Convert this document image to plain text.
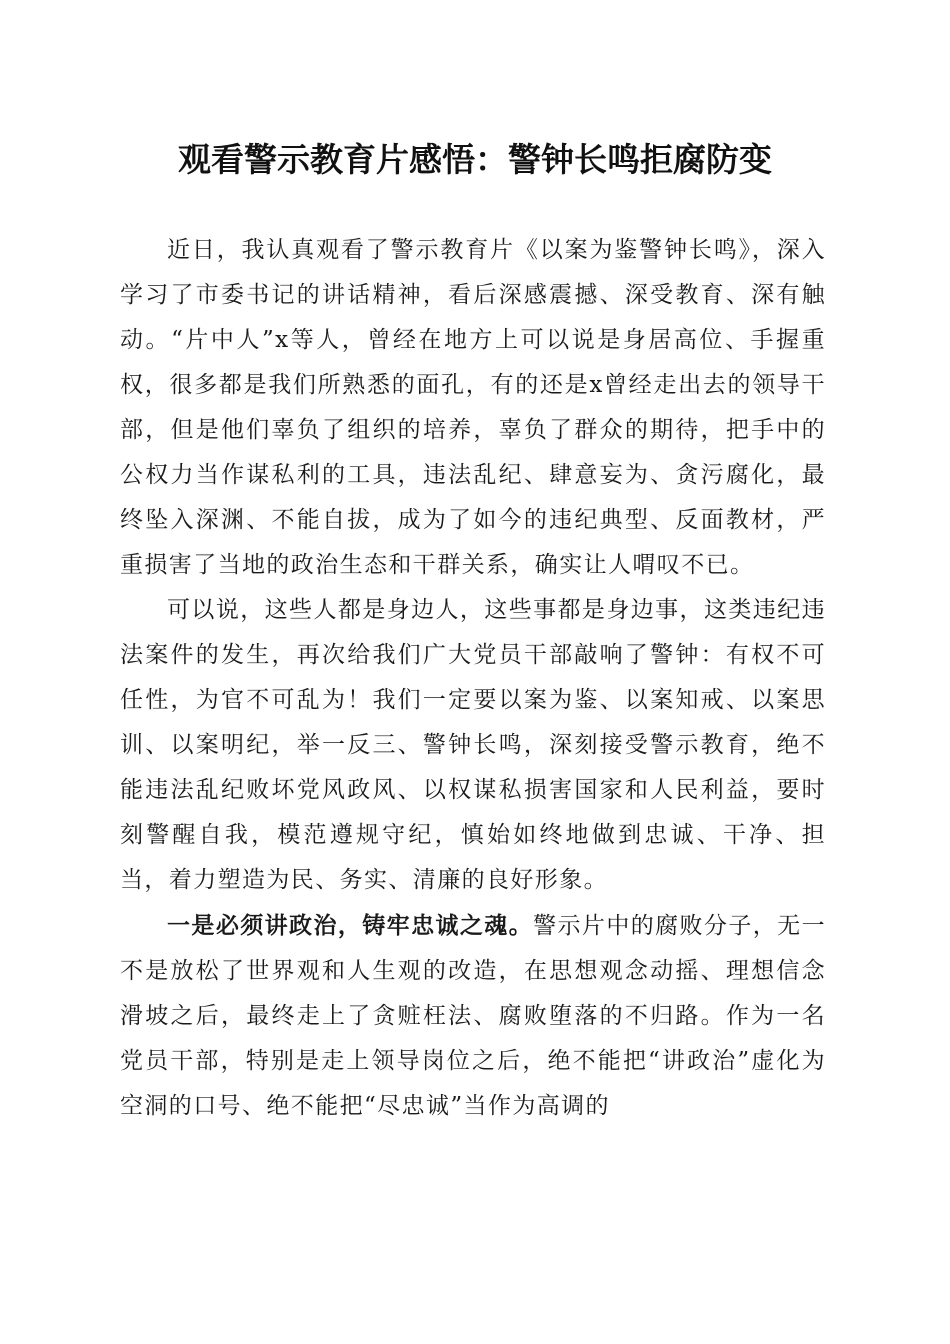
观看警示教育片感悟：警钟长鸣拒腐防变

近日，我认真观看了警示教育片《以案为鉴警钟长鸣》，深入学习了市委书记的讲话精神，看后深感震撼、深受教育、深有触动。“片中人”x等人，曾经在地方上可以说是身居高位、手握重权，很多都是我们所熟悉的面孔，有的还是x曾经走出去的领导干部，但是他们辜负了组织的培养，辜负了群众的期待，把手中的公权力当作谋私利的工具，违法乱纪、肆意妄为、贪污腐化，最终坠入深渊、不能自拔，成为了如今的违纪典型、反面教材，严重损害了当地的政治生态和干群关系，确实让人喟叹不已。

可以说，这些人都是身边人，这些事都是身边事，这类违纪违法案件的发生，再次给我们广大党员干部敲响了警钟：有权不可任性，为官不可乱为！我们一定要以案为鉴、以案知戒、以案思训、以案明纪，举一反三、警钟长鸣，深刻接受警示教育，绝不能违法乱纪败坏党风政风、以权谋私损害国家和人民利益，要时刻警醒自我，模范遵规守纪，慎始如终地做到忠诚、干净、担当，着力塑造为民、务实、清廉的良好形象。

一是必须讲政治，铸牢忠诚之魂。警示片中的腐败分子，无一不是放松了世界观和人生观的改造，在思想观念动摇、理想信念滑坡之后，最终走上了贪赃枉法、腐败堕落的不归路。作为一名党员干部，特别是走上领导岗位之后，绝不能把“讲政治”虚化为空洞的口号、绝不能把“尽忠诚”当作为高调的
